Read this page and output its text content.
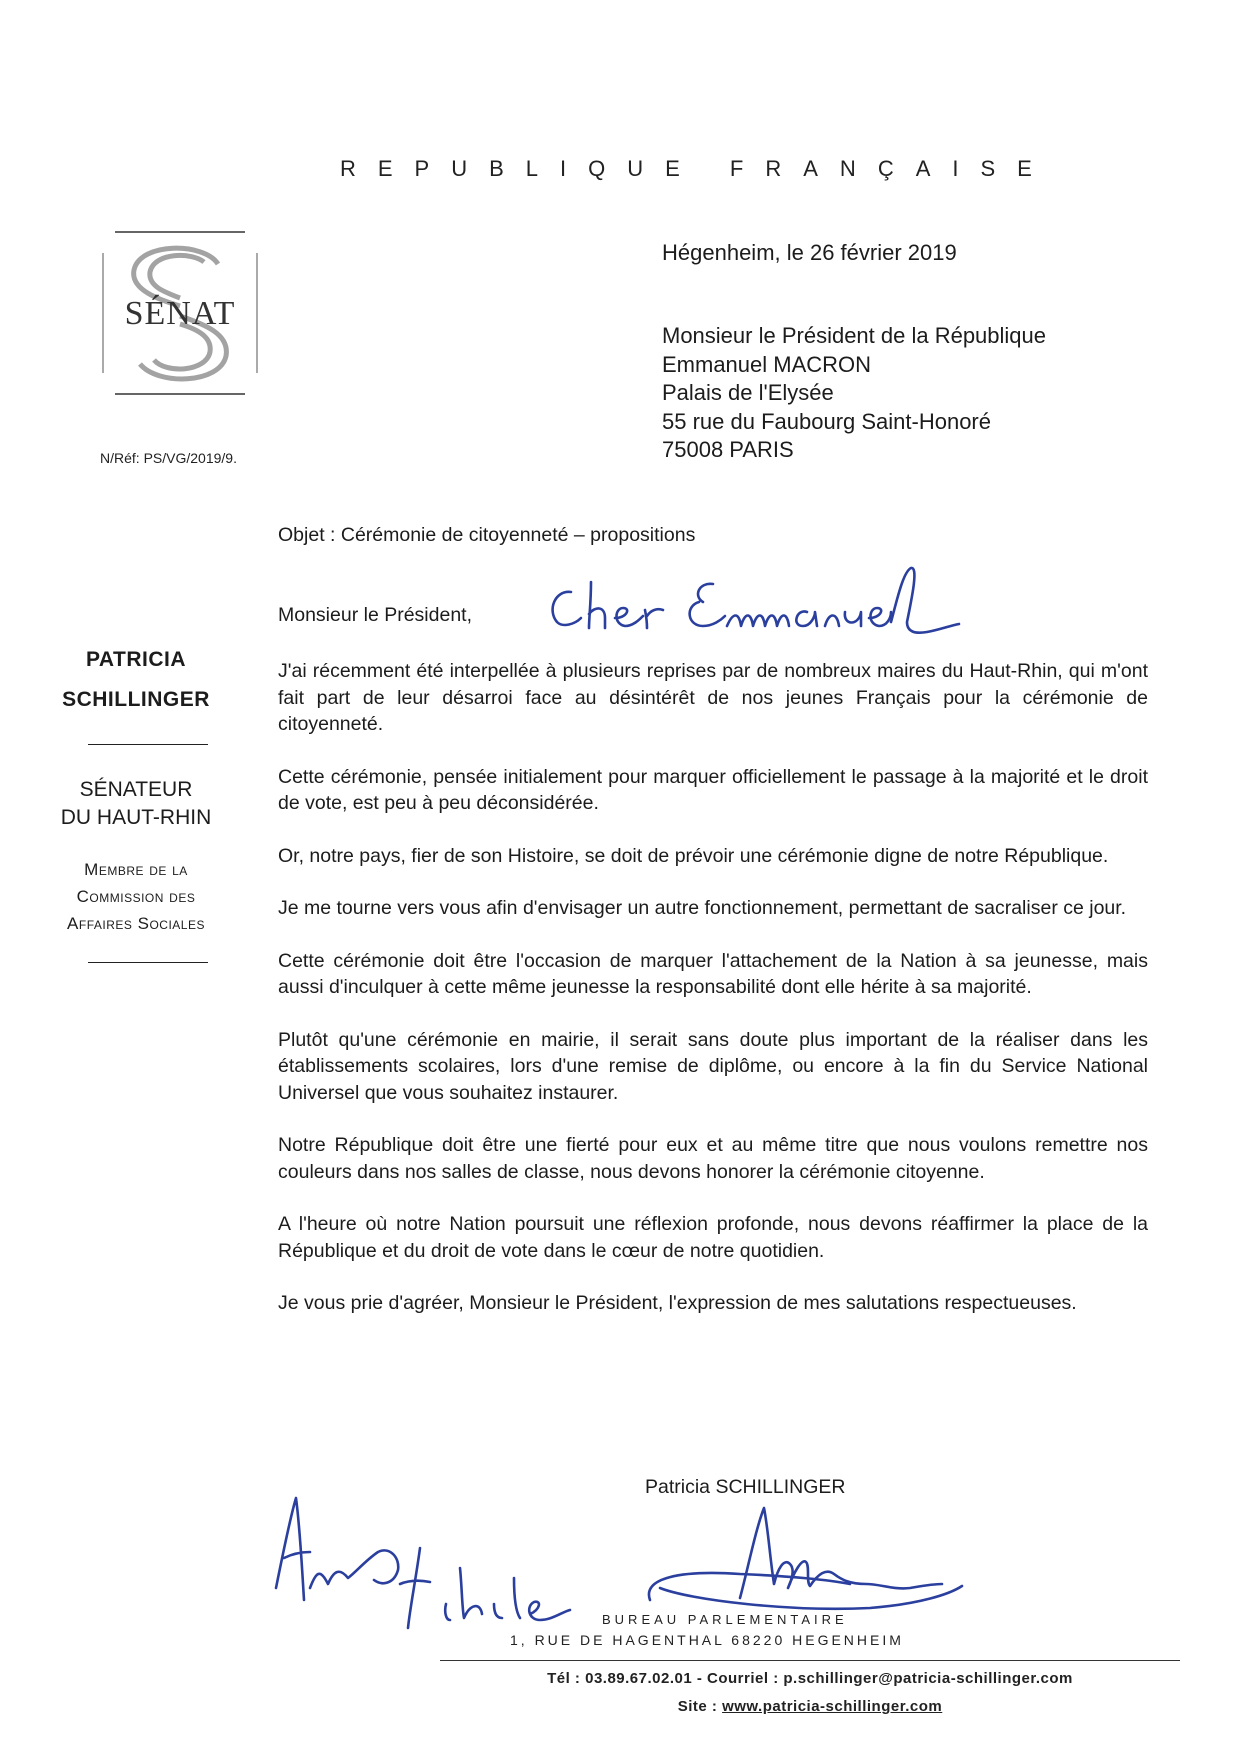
REPUBLIQUE FRANÇAISE
SÉNAT
N/Réf: PS/VG/2019/9.
Hégenheim, le 26 février 2019
Monsieur le Président de la République
Emmanuel MACRON
Palais de l'Elysée
55 rue du Faubourg Saint-Honoré
75008 PARIS
PATRICIA
SCHILLINGER
SÉNATEUR
DU HAUT-RHIN
Membre de la
Commission des
Affaires Sociales
Objet : Cérémonie de citoyenneté – propositions
Monsieur le Président,

J'ai récemment été interpellée à plusieurs reprises par de nombreux maires du Haut-Rhin, qui m'ont fait part de leur désarroi face au désintérêt de nos jeunes Français pour la cérémonie de citoyenneté.

Cette cérémonie, pensée initialement pour marquer officiellement le passage à la majorité et le droit de vote, est peu à peu déconsidérée.

Or, notre pays, fier de son Histoire, se doit de prévoir une cérémonie digne de notre République.

Je me tourne vers vous afin d'envisager un autre fonctionnement, permettant de sacraliser ce jour.

Cette cérémonie doit être l'occasion de marquer l'attachement de la Nation à sa jeunesse, mais aussi d'inculquer à cette même jeunesse la responsabilité dont elle hérite à sa majorité.

Plutôt qu'une cérémonie en mairie, il serait sans doute plus important de la réaliser dans les établissements scolaires, lors d'une remise de diplôme, ou encore à la fin du Service National Universel que vous souhaitez instaurer.

Notre République doit être une fierté pour eux et au même titre que nous voulons remettre nos couleurs dans nos salles de classe, nous devons honorer la cérémonie citoyenne.

A l'heure où notre Nation poursuit une réflexion profonde, nous devons réaffirmer la place de la République et du droit de vote dans le cœur de notre quotidien.

Je vous prie d'agréer, Monsieur le Président, l'expression de mes salutations respectueuses.

Patricia SCHILLINGER
BUREAU PARLEMENTAIRE
1, RUE DE HAGENTHAL 68220 HEGENHEIM
Tél : 03.89.67.02.01 - Courriel : p.schillinger@patricia-schillinger.com
Site : www.patricia-schillinger.com
